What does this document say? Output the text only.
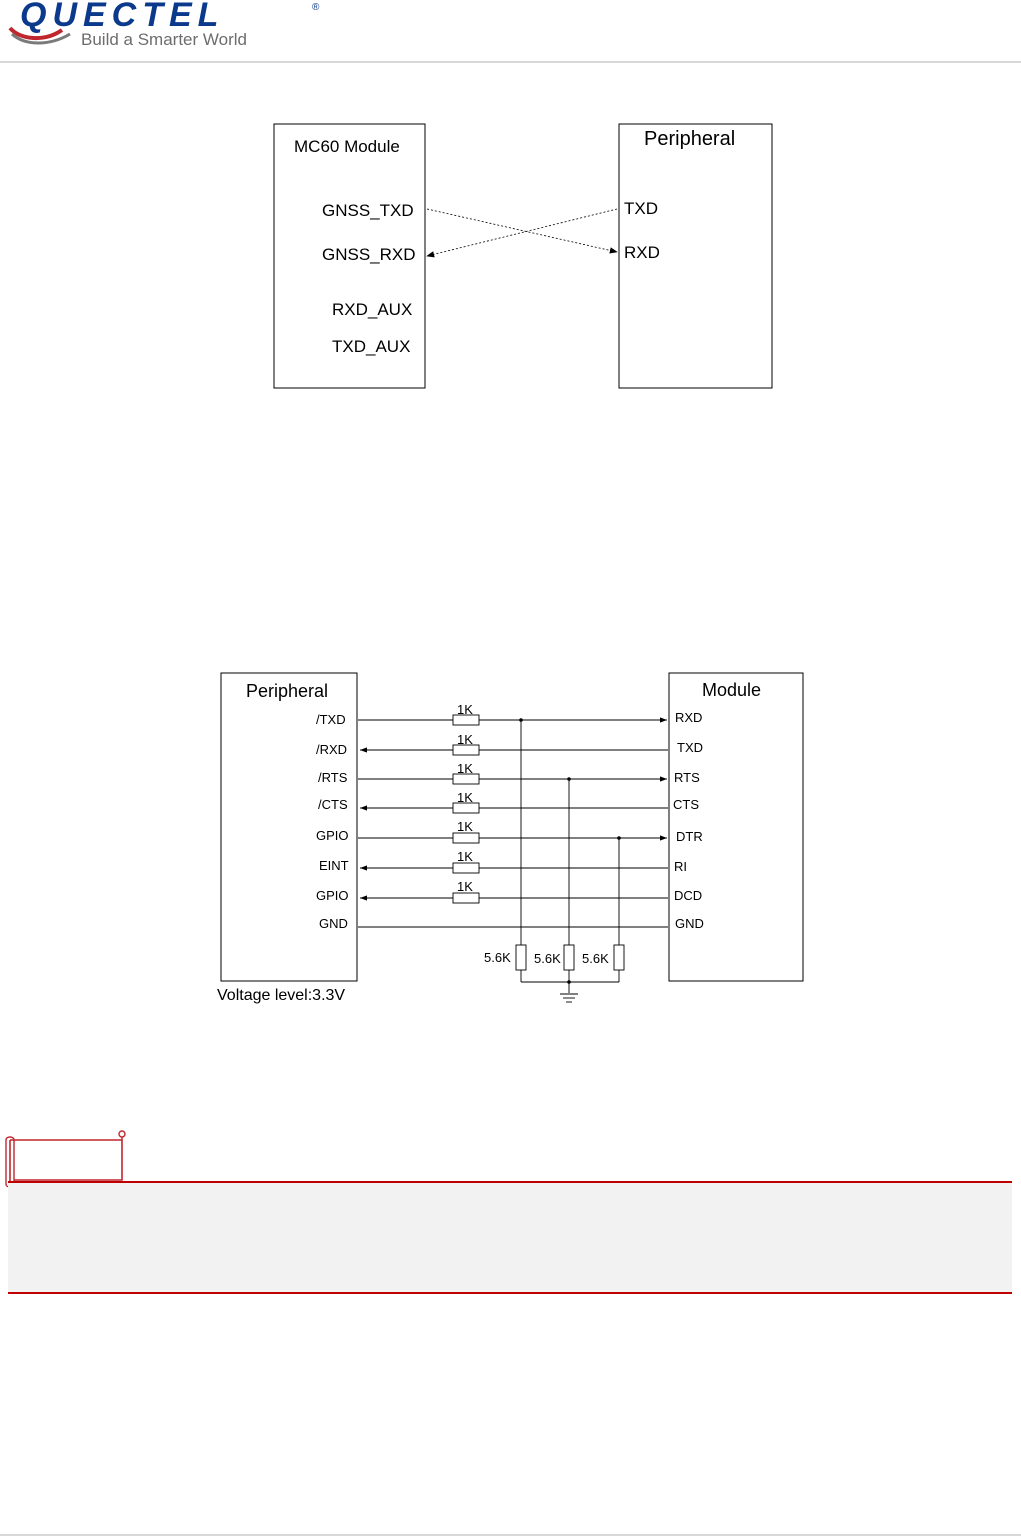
QUECTEL	®
Build a Smarter World
MC60 Module	Peripheral
GNSS_TXD
GNSS_RXD
RXD_AUX
TXD_AUX
TXD
RXD
Peripheral	Module
/TXD
/RXD
/RTS
/CTS
GPIO
EINT
GPIO
GND
RXD
TXD
RTS
CTS
DTR
RI
DCD
GND
1K
1K
1K
1K
1K
1K
1K
5.6K 5.6K 5.6K
Voltage level:3.3V
